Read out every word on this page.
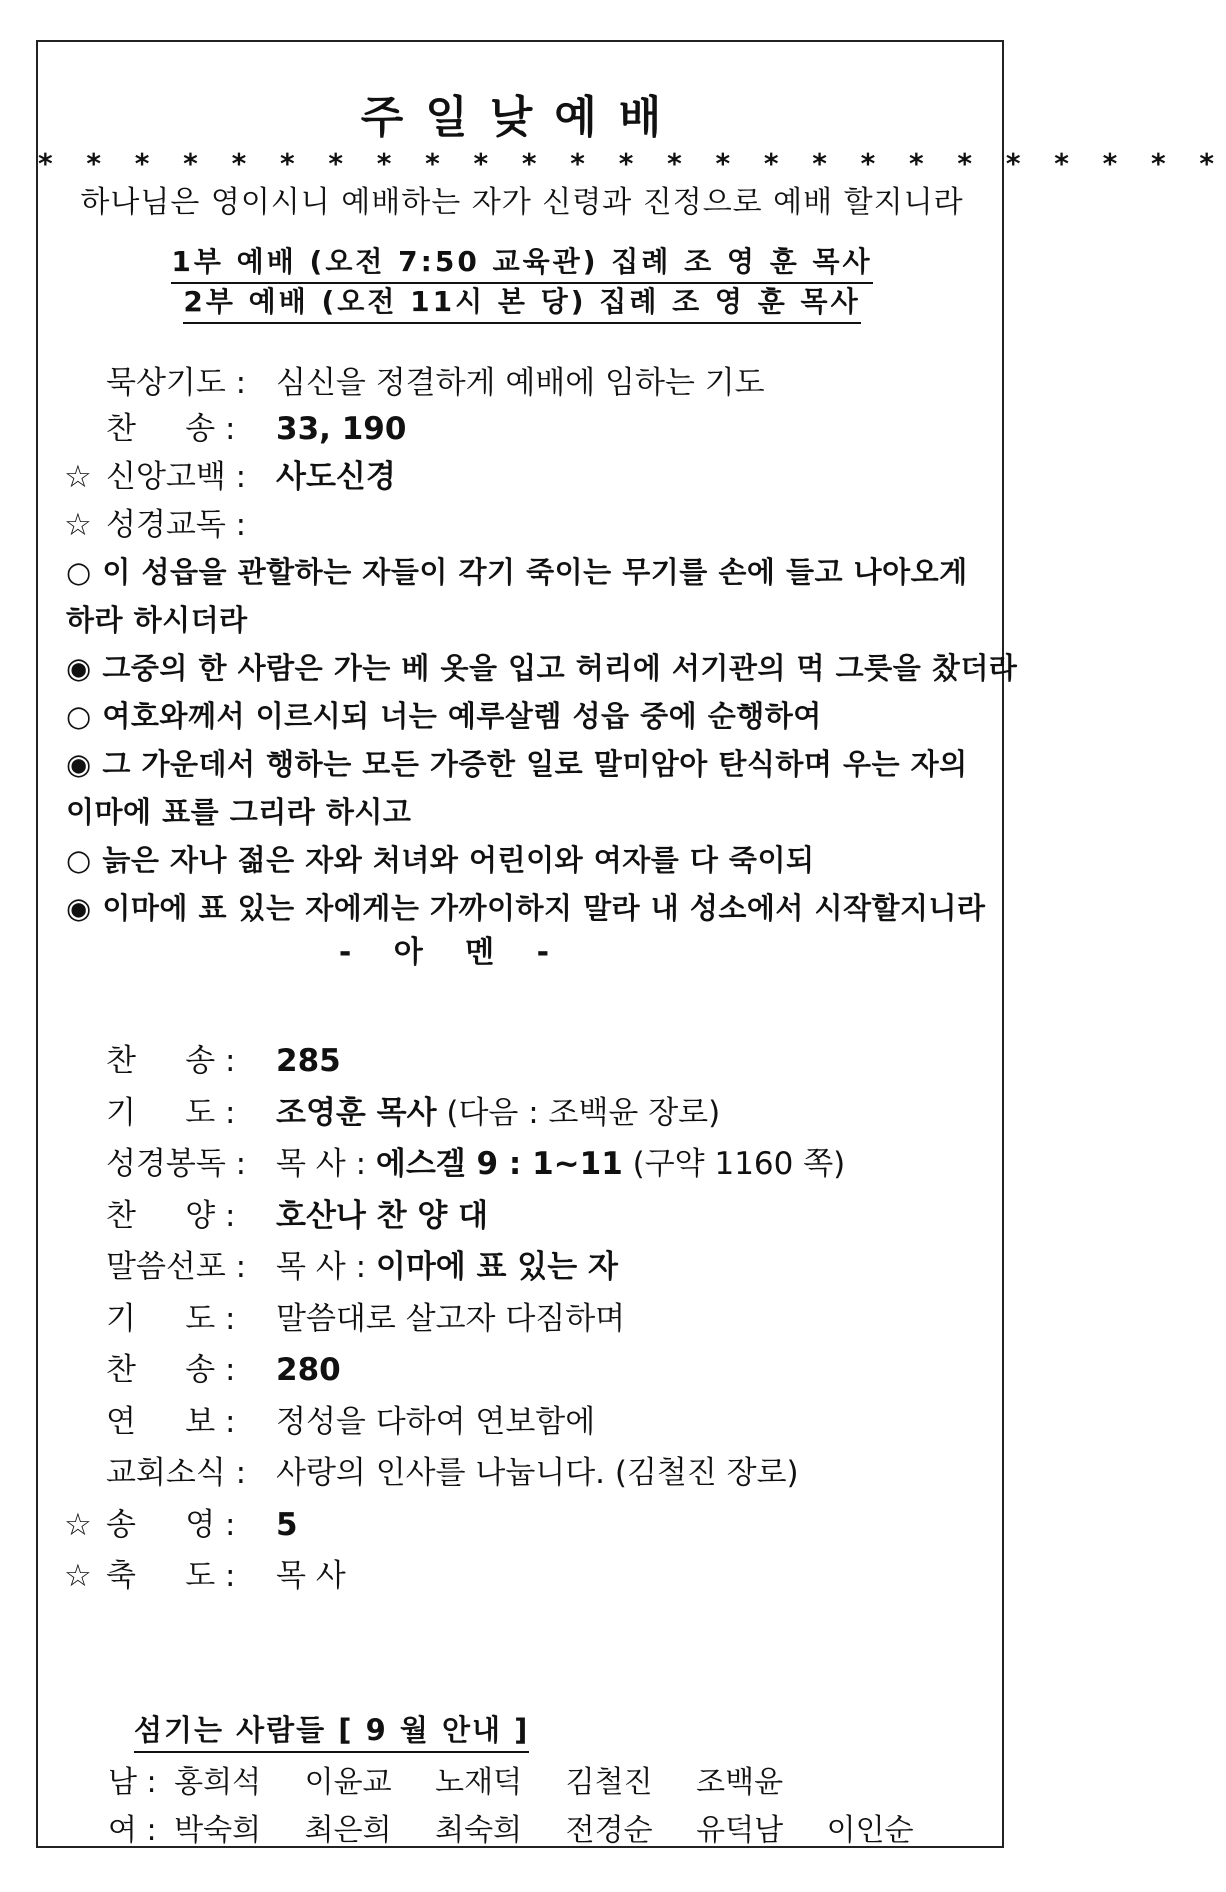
주일낮예배
* * * * * * * * * * * * * * * * * * * * * * * * *
하나님은 영이시니 예배하는 자가 신령과 진정으로 예배 할지니라
1부 예배 (오전 7:50 교육관) 집례 조 영 훈 목사
2부 예배 (오전 11시 본 당) 집례 조 영 훈 목사
묵상기도 : 심신을 정결하게 예배에 임하는 기도
찬     송 : 33, 190
☆ 신앙고백 : 사도신경
☆ 성경교독 :
○ 이 성읍을 관할하는 자들이 각기 죽이는 무기를 손에 들고 나아오게
하라 하시더라
◉ 그중의 한 사람은 가는 베 옷을 입고 허리에 서기관의 먹 그릇을 찼더라
○ 여호와께서 이르시되 너는 예루살렘 성읍 중에 순행하여
◉ 그 가운데서 행하는 모든 가증한 일로 말미암아 탄식하며 우는 자의
이마에 표를 그리라 하시고
○ 늙은 자나 젊은 자와 처녀와 어린이와 여자를 다 죽이되
◉ 이마에 표 있는 자에게는 가까이하지 말라 내 성소에서 시작할지니라
- 아 멘 -
찬     송 : 285
기     도 : 조영훈 목사 (다음 : 조백윤 장로)
성경봉독 : 목 사 : 에스겔 9 : 1~11 (구약 1160 쪽)
찬     양 : 호산나 찬 양 대
말씀선포 : 목 사 : 이마에 표 있는 자
기     도 : 말씀대로 살고자 다짐하며
찬     송 : 280
연     보 : 정성을 다하여 연보함에
교회소식 : 사랑의 인사를 나눕니다. (김철진 장로)
☆ 송     영 : 5
☆ 축     도 : 목 사
섬기는 사람들 [ 9 월 안내 ]
남 : 홍희석 이윤교 노재덕 김철진 조백윤
여 : 박숙희 최은희 최숙희 전경순 유덕남 이인순
